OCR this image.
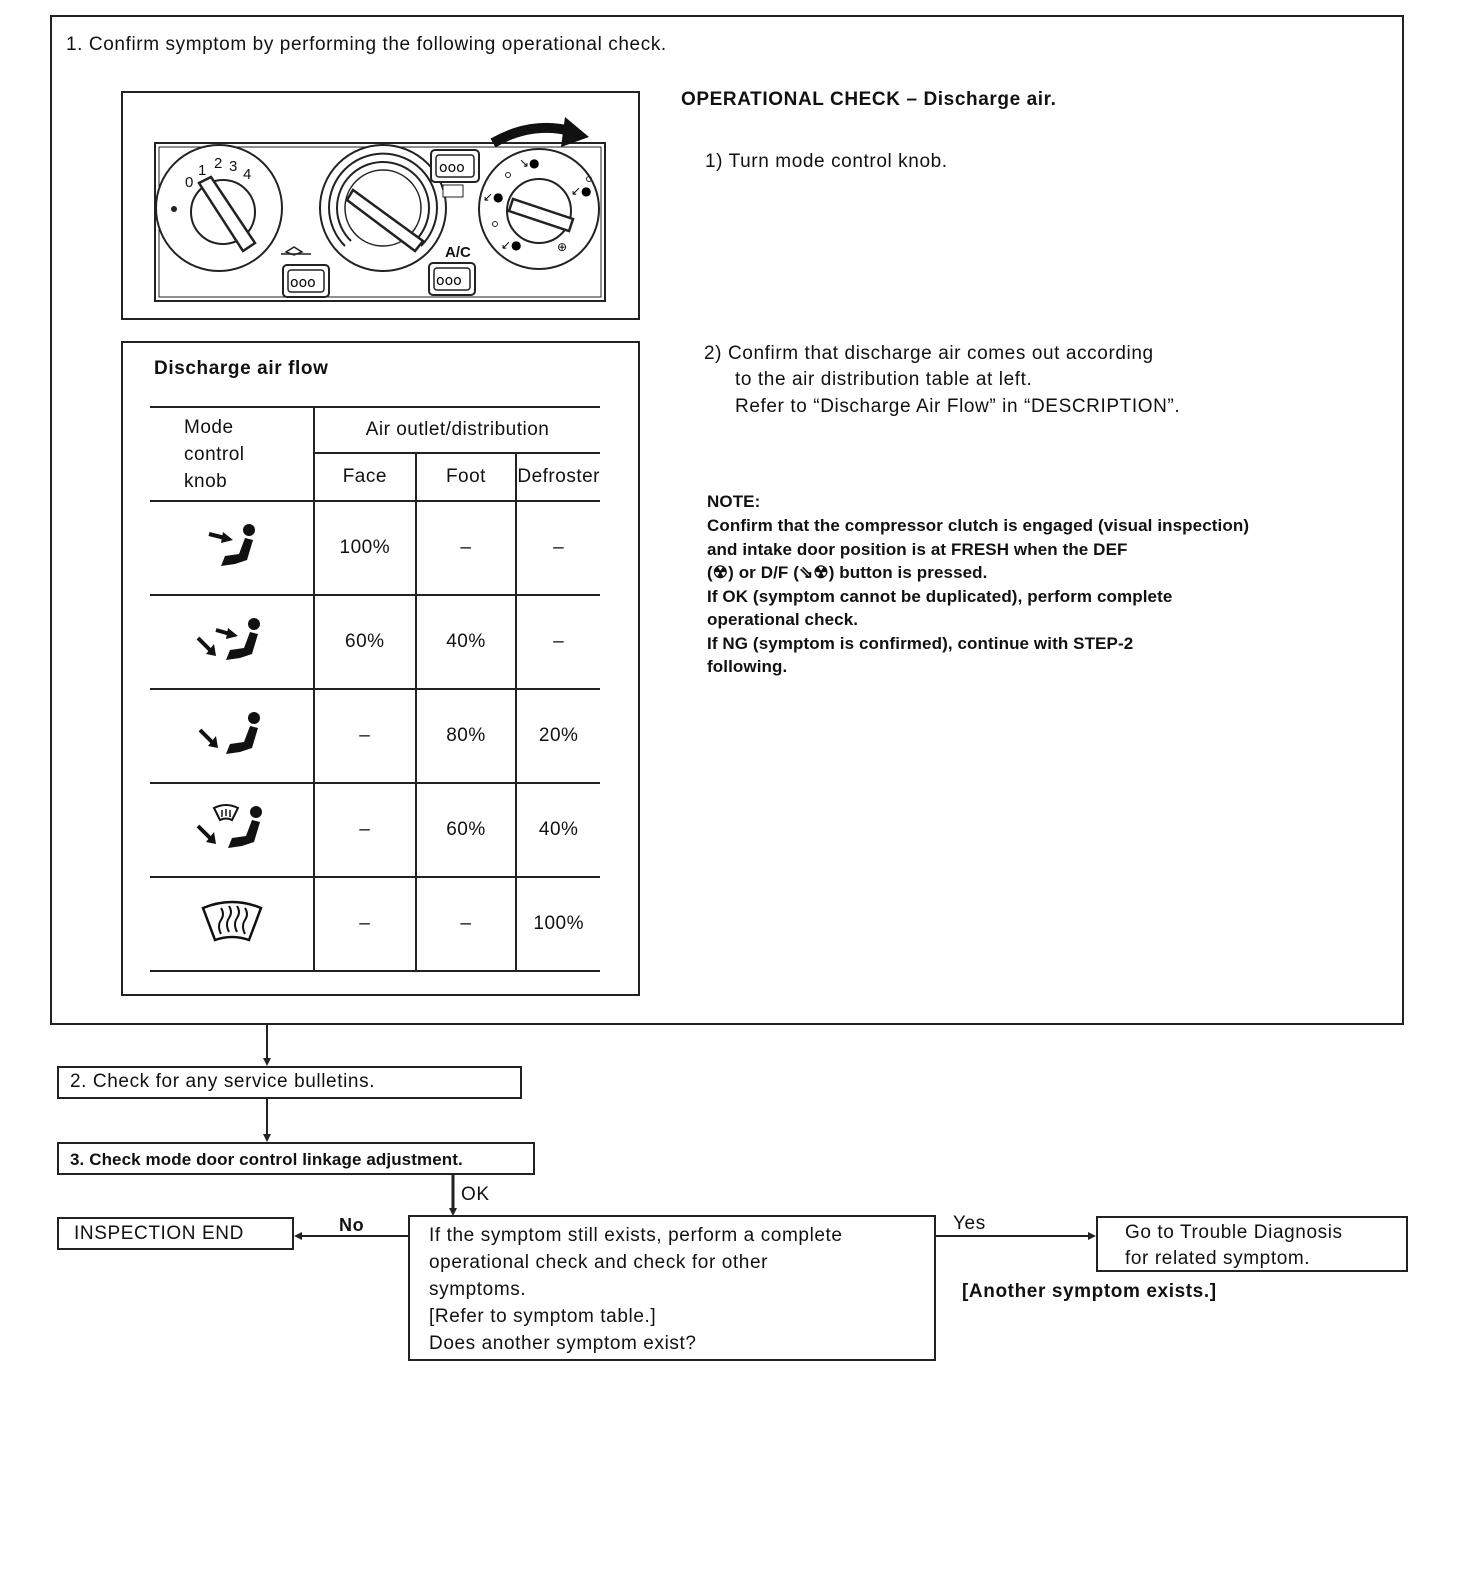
1. Confirm symptom by performing the following operational check.
↘●
↙●	↙●
↙●	⊕
ooo
ooo	ooo
0
1 2 3 4
A/C
Discharge air flow
Mode
control
knob	Air outlet/distribution		
	Face	Foot	Defroster
	100%	–	–
	60%	40%	–
	–	80%	20%
	–	60%	40%
	–	–	100%
OPERATIONAL CHECK – Discharge air.
1) Turn mode control knob.
2) Confirm that discharge air comes out according
to the air distribution table at left.
Refer to “Discharge Air Flow” in “DESCRIPTION”.
NOTE:
Confirm that the compressor clutch is engaged (visual inspection)
and intake door position is at FRESH when the DEF
(☢) or D/F (⇘☢) button is pressed.
If OK (symptom cannot be duplicated), perform complete
operational check.
If NG (symptom is confirmed), continue with STEP-2
following.
2. Check for any service bulletins.
3. Check mode door control linkage adjustment.
OK
INSPECTION END	No	If the symptom still exists, perform a complete
operational check and check for other
symptoms.
[Refer to symptom table.]
Does another symptom exist?
Yes	Go to Trouble Diagnosis
for related symptom.
[Another symptom exists.]
